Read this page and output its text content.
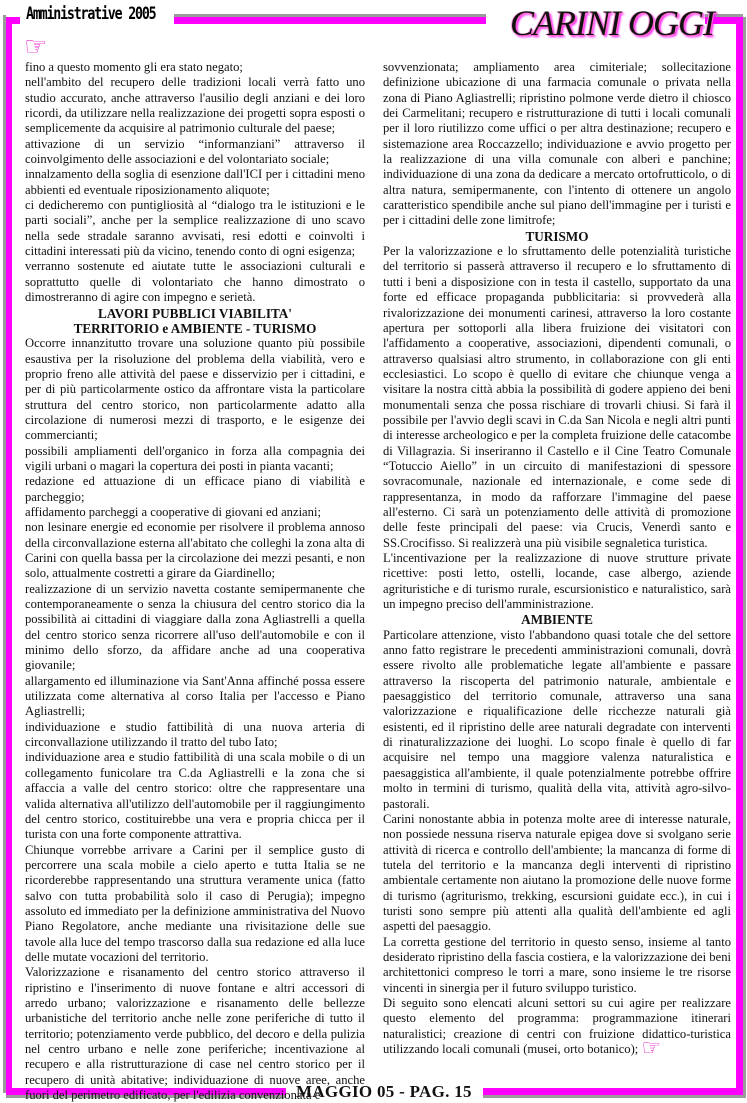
Amministrative 2005	CARINI OGGI
☞

fino a questo momento gli era stato negato;

nell'ambito del recupero delle tradizioni locali verrà fatto uno studio accurato, anche attraverso l'ausilio degli anziani e dei loro ricordi, da utilizzare nella realizzazione dei progetti sopra esposti o semplicemente da acquisire al patrimonio culturale del paese;

attivazione di un servizio “informanziani” attraverso il coinvolgimento delle associazioni e del volontariato sociale;

innalzamento della soglia di esenzione dall'ICI per i cittadini meno abbienti ed eventuale riposizionamento aliquote;

ci dedicheremo con puntigliosità al “dialogo tra le istituzioni e le parti sociali”, anche per la semplice realizzazione di uno scavo nella sede stradale saranno avvisati, resi edotti e coinvolti i cittadini interessati più da vicino, tenendo conto di ogni esigenza;

verranno sostenute ed aiutate tutte le associazioni culturali e soprattutto quelle di volontariato che hanno dimostrato o dimostreranno di agire con impegno e serietà.

LAVORI PUBBLICI VIABILITA'
TERRITORIO e AMBIENTE - TURISMO

Occorre innanzitutto trovare una soluzione quanto più possibile esaustiva per la risoluzione del problema della viabilità, vero e proprio freno alle attività del paese e disservizio per i cittadini, e per di più particolarmente ostico da affrontare vista la particolare struttura del centro storico, non particolarmente adatto alla circolazione di numerosi mezzi di trasporto, e le esigenze dei commercianti;

possibili ampliamenti dell'organico in forza alla compagnia dei vigili urbani o magari la copertura dei posti in pianta vacanti;

redazione ed attuazione di un efficace piano di viabilità e parcheggio;

affidamento parcheggi a cooperative di giovani ed anziani;

non lesinare energie ed economie per risolvere il problema annoso della circonvallazione esterna all'abitato che colleghi la zona alta di Carini con quella bassa per la circolazione dei mezzi pesanti, e non solo, attualmente costretti a girare da Giardinello;

realizzazione di un servizio navetta costante semipermanente che contemporaneamente o senza la chiusura del centro storico dia la possibilità ai cittadini di viaggiare dalla zona Agliastrelli a quella del centro storico senza ricorrere all'uso dell'automobile e con il minimo dello sforzo, da affidare anche ad una cooperativa giovanile;

allargamento ed illuminazione via Sant'Anna affinché possa essere utilizzata come alternativa al corso Italia per l'accesso e Piano Agliastrelli;

individuazione e studio fattibilità di una nuova arteria di circonvallazione utilizzando il tratto del tubo Iato;

individuazione area e studio fattibilità di una scala mobile o di un collegamento funicolare tra C.da Agliastrelli e la zona che si affaccia a valle del centro storico: oltre che rappresentare una valida alternativa all'utilizzo dell'automobile per il raggiungimento del centro storico, costituirebbe una vera e propria chicca per il turista con una forte componente attrattiva.

Chiunque vorrebbe arrivare a Carini per il semplice gusto di percorrere una scala mobile a cielo aperto e tutta Italia se ne ricorderebbe rappresentando una struttura veramente unica (fatto salvo con tutta probabilità solo il caso di Perugia); impegno assoluto ed immediato per la definizione amministrativa del Nuovo Piano Regolatore, anche mediante una rivisitazione delle sue tavole alla luce del tempo trascorso dalla sua redazione ed alla luce delle mutate vocazioni del territorio.

Valorizzazione e risanamento del centro storico attraverso il ripristino e l'inserimento di nuove fontane e altri accessori di arredo urbano; valorizzazione e risanamento delle bellezze urbanistiche del territorio anche nelle zone periferiche di tutto il territorio; potenziamento verde pubblico, del decoro e della pulizia nel centro urbano e nelle zone periferiche; incentivazione al recupero e alla ristrutturazione di case nel centro storico per il recupero di unità abitative; individuazione di nuove aree, anche fuori del perimetro edificato, per l'edilizia convenzionata e

sovvenzionata; ampliamento area cimiteriale; sollecitazione definizione ubicazione di una farmacia comunale o privata nella zona di Piano Agliastrelli; ripristino polmone verde dietro il chiosco dei Carmelitani; recupero e ristrutturazione di tutti i locali comunali per il loro riutilizzo come uffici o per altra destinazione; recupero e sistemazione area Roccazzello; individuazione e avvio progetto per la realizzazione di una villa comunale con alberi e panchine; individuazione di una zona da dedicare a mercato ortofrutticolo, o di altra natura, semipermanente, con l'intento di ottenere un angolo caratteristico spendibile anche sul piano dell'immagine per i turisti e per i cittadini delle zone limitrofe;

TURISMO

Per la valorizzazione e lo sfruttamento delle potenzialità turistiche del territorio si passerà attraverso il recupero e lo sfruttamento di tutti i beni a disposizione con in testa il castello, supportato da una forte ed efficace propaganda pubblicitaria: si provvederà alla rivalorizzazione dei monumenti carinesi, attraverso la loro costante apertura per sottoporli alla libera fruizione dei visitatori con l'affidamento a cooperative, associazioni, dipendenti comunali, o attraverso qualsiasi altro strumento, in collaborazione con gli enti ecclesiastici. Lo scopo è quello di evitare che chiunque venga a visitare la nostra città abbia la possibilità di godere appieno dei beni monumentali senza che possa rischiare di trovarli chiusi. Si farà il possibile per l'avvio degli scavi in C.da San Nicola e negli altri punti di interesse archeologico e per la completa fruizione delle catacombe di Villagrazia. Si inseriranno il Castello e il Cine Teatro Comunale “Totuccio Aiello” in un circuito di manifestazioni di spessore sovracomunale, nazionale ed internazionale, e come sede di rappresentanza, in modo da rafforzare l'immagine del paese all'esterno. Ci sarà un potenziamento delle attività di promozione delle feste principali del paese: via Crucis, Venerdì santo e SS.Crocifisso. Si realizzerà una più visibile segnaletica turistica.

L'incentivazione per la realizzazione di nuove strutture private ricettive: posti letto, ostelli, locande, case albergo, aziende agrituristiche e di turismo rurale, escursionistico e naturalistico, sarà un impegno preciso dell'amministrazione.

AMBIENTE

Particolare attenzione, visto l'abbandono quasi totale che del settore anno fatto registrare le precedenti amministrazioni comunali, dovrà essere rivolto alle problematiche legate all'ambiente e passare attraverso la riscoperta del patrimonio naturale, ambientale e paesaggistico del territorio comunale, attraverso una sana valorizzazione e riqualificazione delle ricchezze naturali già esistenti, ed il ripristino delle aree naturali degradate con interventi di rinaturalizzazione dei luoghi. Lo scopo finale è quello di far acquisire nel tempo una maggiore valenza naturalistica e paesaggistica all'ambiente, il quale potenzialmente potrebbe offrire molto in termini di turismo, qualità della vita, attività agro-silvo-pastorali.

Carini nonostante abbia in potenza molte aree di interesse naturale, non possiede nessuna riserva naturale epigea dove si svolgano serie attività di ricerca e controllo dell'ambiente; la mancanza di forme di tutela del territorio e la mancanza degli interventi di ripristino ambientale certamente non aiutano la promozione delle nuove forme di turismo (agriturismo, trekking, escursioni guidate ecc.), in cui i turisti sono sempre più attenti alla qualità dell'ambiente ed agli aspetti del paesaggio.

La corretta gestione del territorio in questo senso, insieme al tanto desiderato ripristino della fascia costiera, e la valorizzazione dei beni architettonici compreso le torri a mare, sono insieme le tre risorse vincenti in sinergia per il futuro sviluppo turistico.

Di seguito sono elencati alcuni settori su cui agire per realizzare questo elemento del programma: programmazione itinerari naturalistici; creazione di centri con fruizione didattico-turistica utilizzando locali comunali (musei, orto botanico); ☞

MAGGIO 05 - PAG. 15
